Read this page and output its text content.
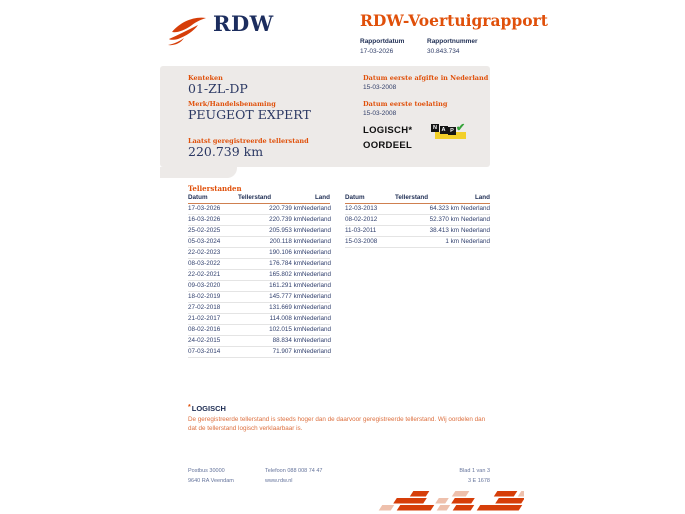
RDW	RDW-Voertuigrapport
Rapportdatum
17-03-2026
Rapportnummer
30.843.734
Kenteken
01-ZL-DP
Merk/Handelsbenaming
PEUGEOT EXPERT
Laatst geregistreerde tellerstand
220.739 km
Datum eerste afgifte in Nederland
15-03-2008
Datum eerste toelating
15-03-2008
LOGISCH*
OORDEEL
N A P ✔
Tellerstanden
Datum	Tellerstand	Land
17-03-2026	220.739 km Nederland
16-03-2026	220.739 km Nederland
25-02-2025	205.953 km Nederland
05-03-2024	200.118 km Nederland
22-02-2023	190.106 km Nederland
08-03-2022	176.784 km Nederland
22-02-2021	165.802 km Nederland
09-03-2020	161.291 km Nederland
18-02-2019	145.777 km Nederland
27-02-2018	131.669 km Nederland
21-02-2017	114.008 km Nederland
08-02-2016	102.015 km Nederland
24-02-2015	88.834 km Nederland
07-03-2014	71.907 km Nederland
Datum	Tellerstand	Land
12-03-2013	64.323 km Nederland
08-02-2012	52.370 km Nederland
11-03-2011	38.413 km Nederland
15-03-2008	1 km Nederland
*LOGISCH
De geregistreerde tellerstand is steeds hoger dan de daarvoor geregistreerde tellerstand. Wij oordelen dan dat de tellerstand logisch verklaarbaar is.
Postbus 30000
9640 RA Veendam
Telefoon 088 008 74 47
www.rdw.nl
Blad 1 van 3
3 E 1678
